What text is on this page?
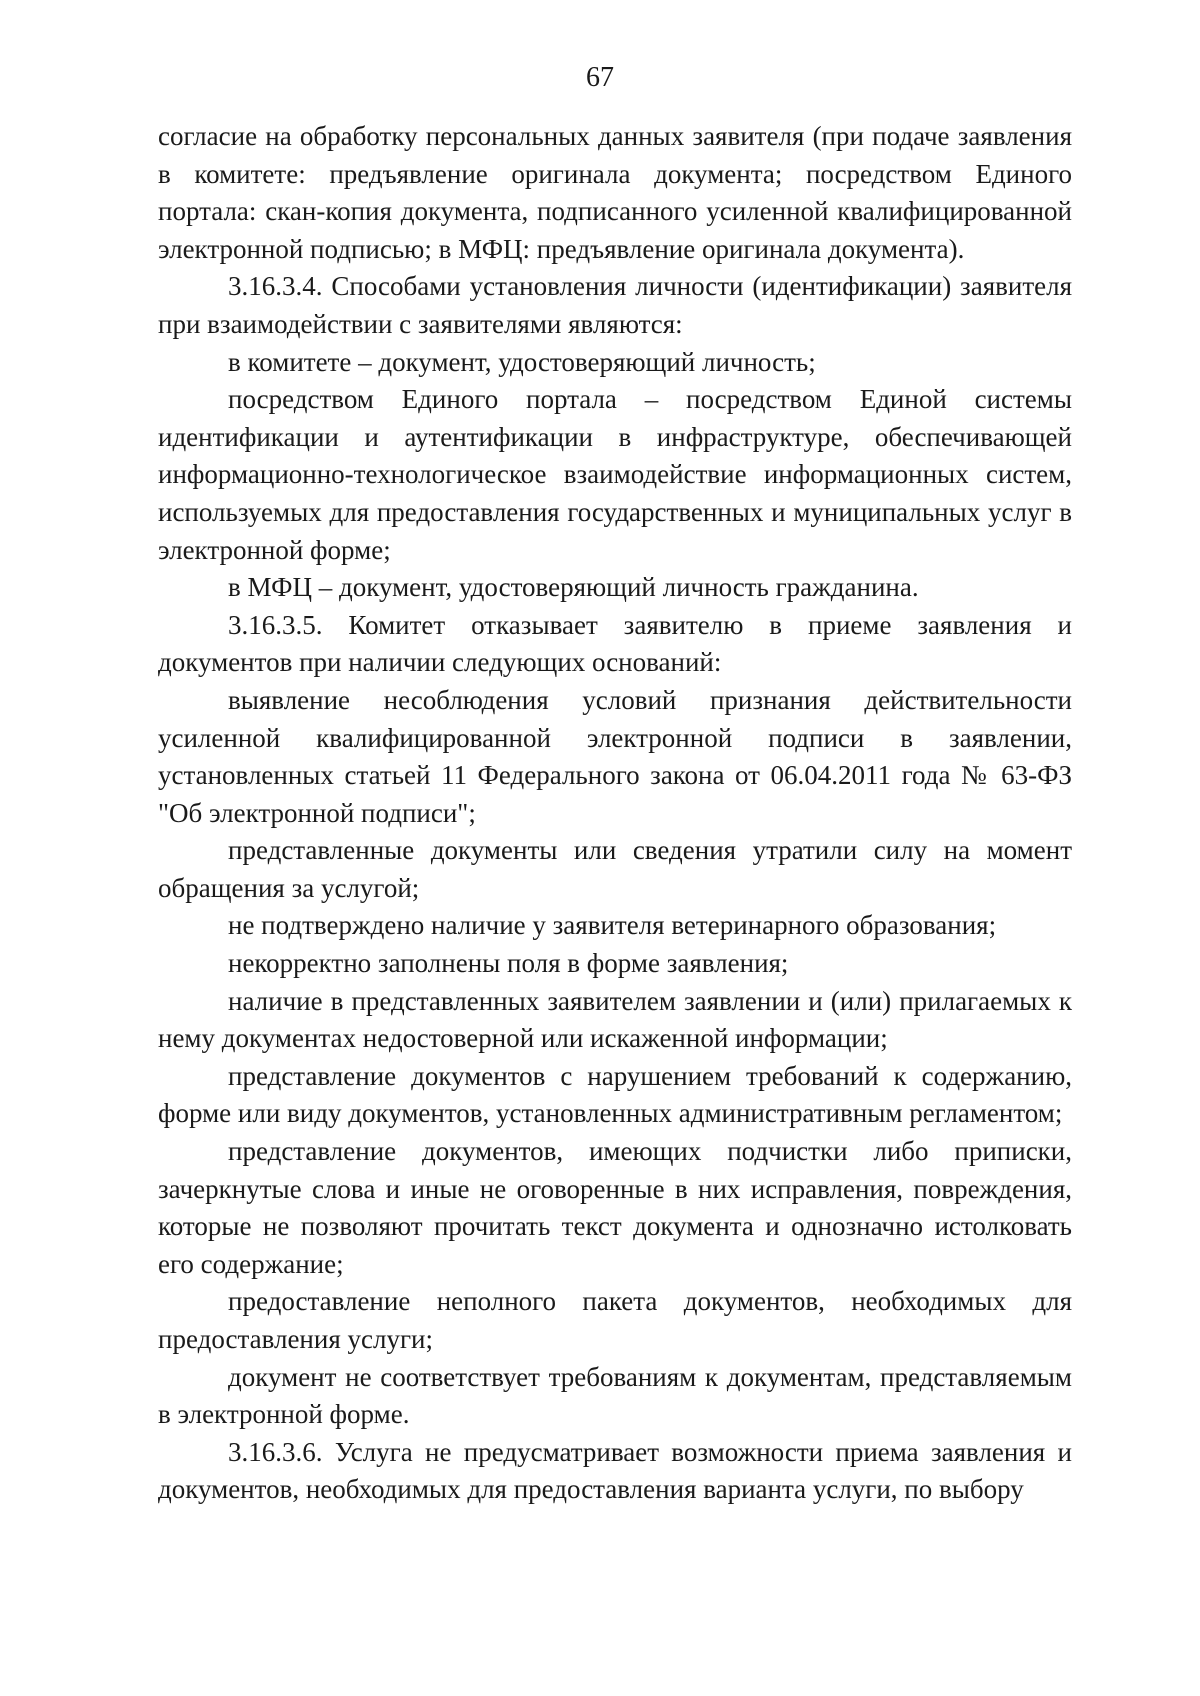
67

согласие на обработку персональных данных заявителя (при подаче заявления в комитете: предъявление оригинала документа; посредством Единого портала: скан-копия документа, подписанного усиленной квалифицированной электронной подписью; в МФЦ: предъявление оригинала документа).

3.16.3.4. Способами установления личности (идентификации) заявителя при взаимодействии с заявителями являются:

в комитете – документ, удостоверяющий личность;

посредством Единого портала – посредством Единой системы идентификации и аутентификации в инфраструктуре, обеспечивающей информационно-технологическое взаимодействие информационных систем, используемых для предоставления государственных и муниципальных услуг в электронной форме;

в МФЦ – документ, удостоверяющий личность гражданина.

3.16.3.5. Комитет отказывает заявителю в приеме заявления и документов при наличии следующих оснований:

выявление несоблюдения условий признания действительности усиленной квалифицированной электронной подписи в заявлении, установленных статьей 11 Федерального закона от 06.04.2011 года № 63-ФЗ "Об электронной подписи";

представленные документы или сведения утратили силу на момент обращения за услугой;

не подтверждено наличие у заявителя ветеринарного образования;

некорректно заполнены поля в форме заявления;

наличие в представленных заявителем заявлении и (или) прилагаемых к нему документах недостоверной или искаженной информации;

представление документов с нарушением требований к содержанию, форме или виду документов, установленных административным регламентом;

представление документов, имеющих подчистки либо приписки, зачеркнутые слова и иные не оговоренные в них исправления, повреждения, которые не позволяют прочитать текст документа и однозначно истолковать его содержание;

предоставление неполного пакета документов, необходимых для предоставления услуги;

документ не соответствует требованиям к документам, представляемым в электронной форме.

3.16.3.6. Услуга не предусматривает возможности приема заявления и документов, необходимых для предоставления варианта услуги, по выбору
